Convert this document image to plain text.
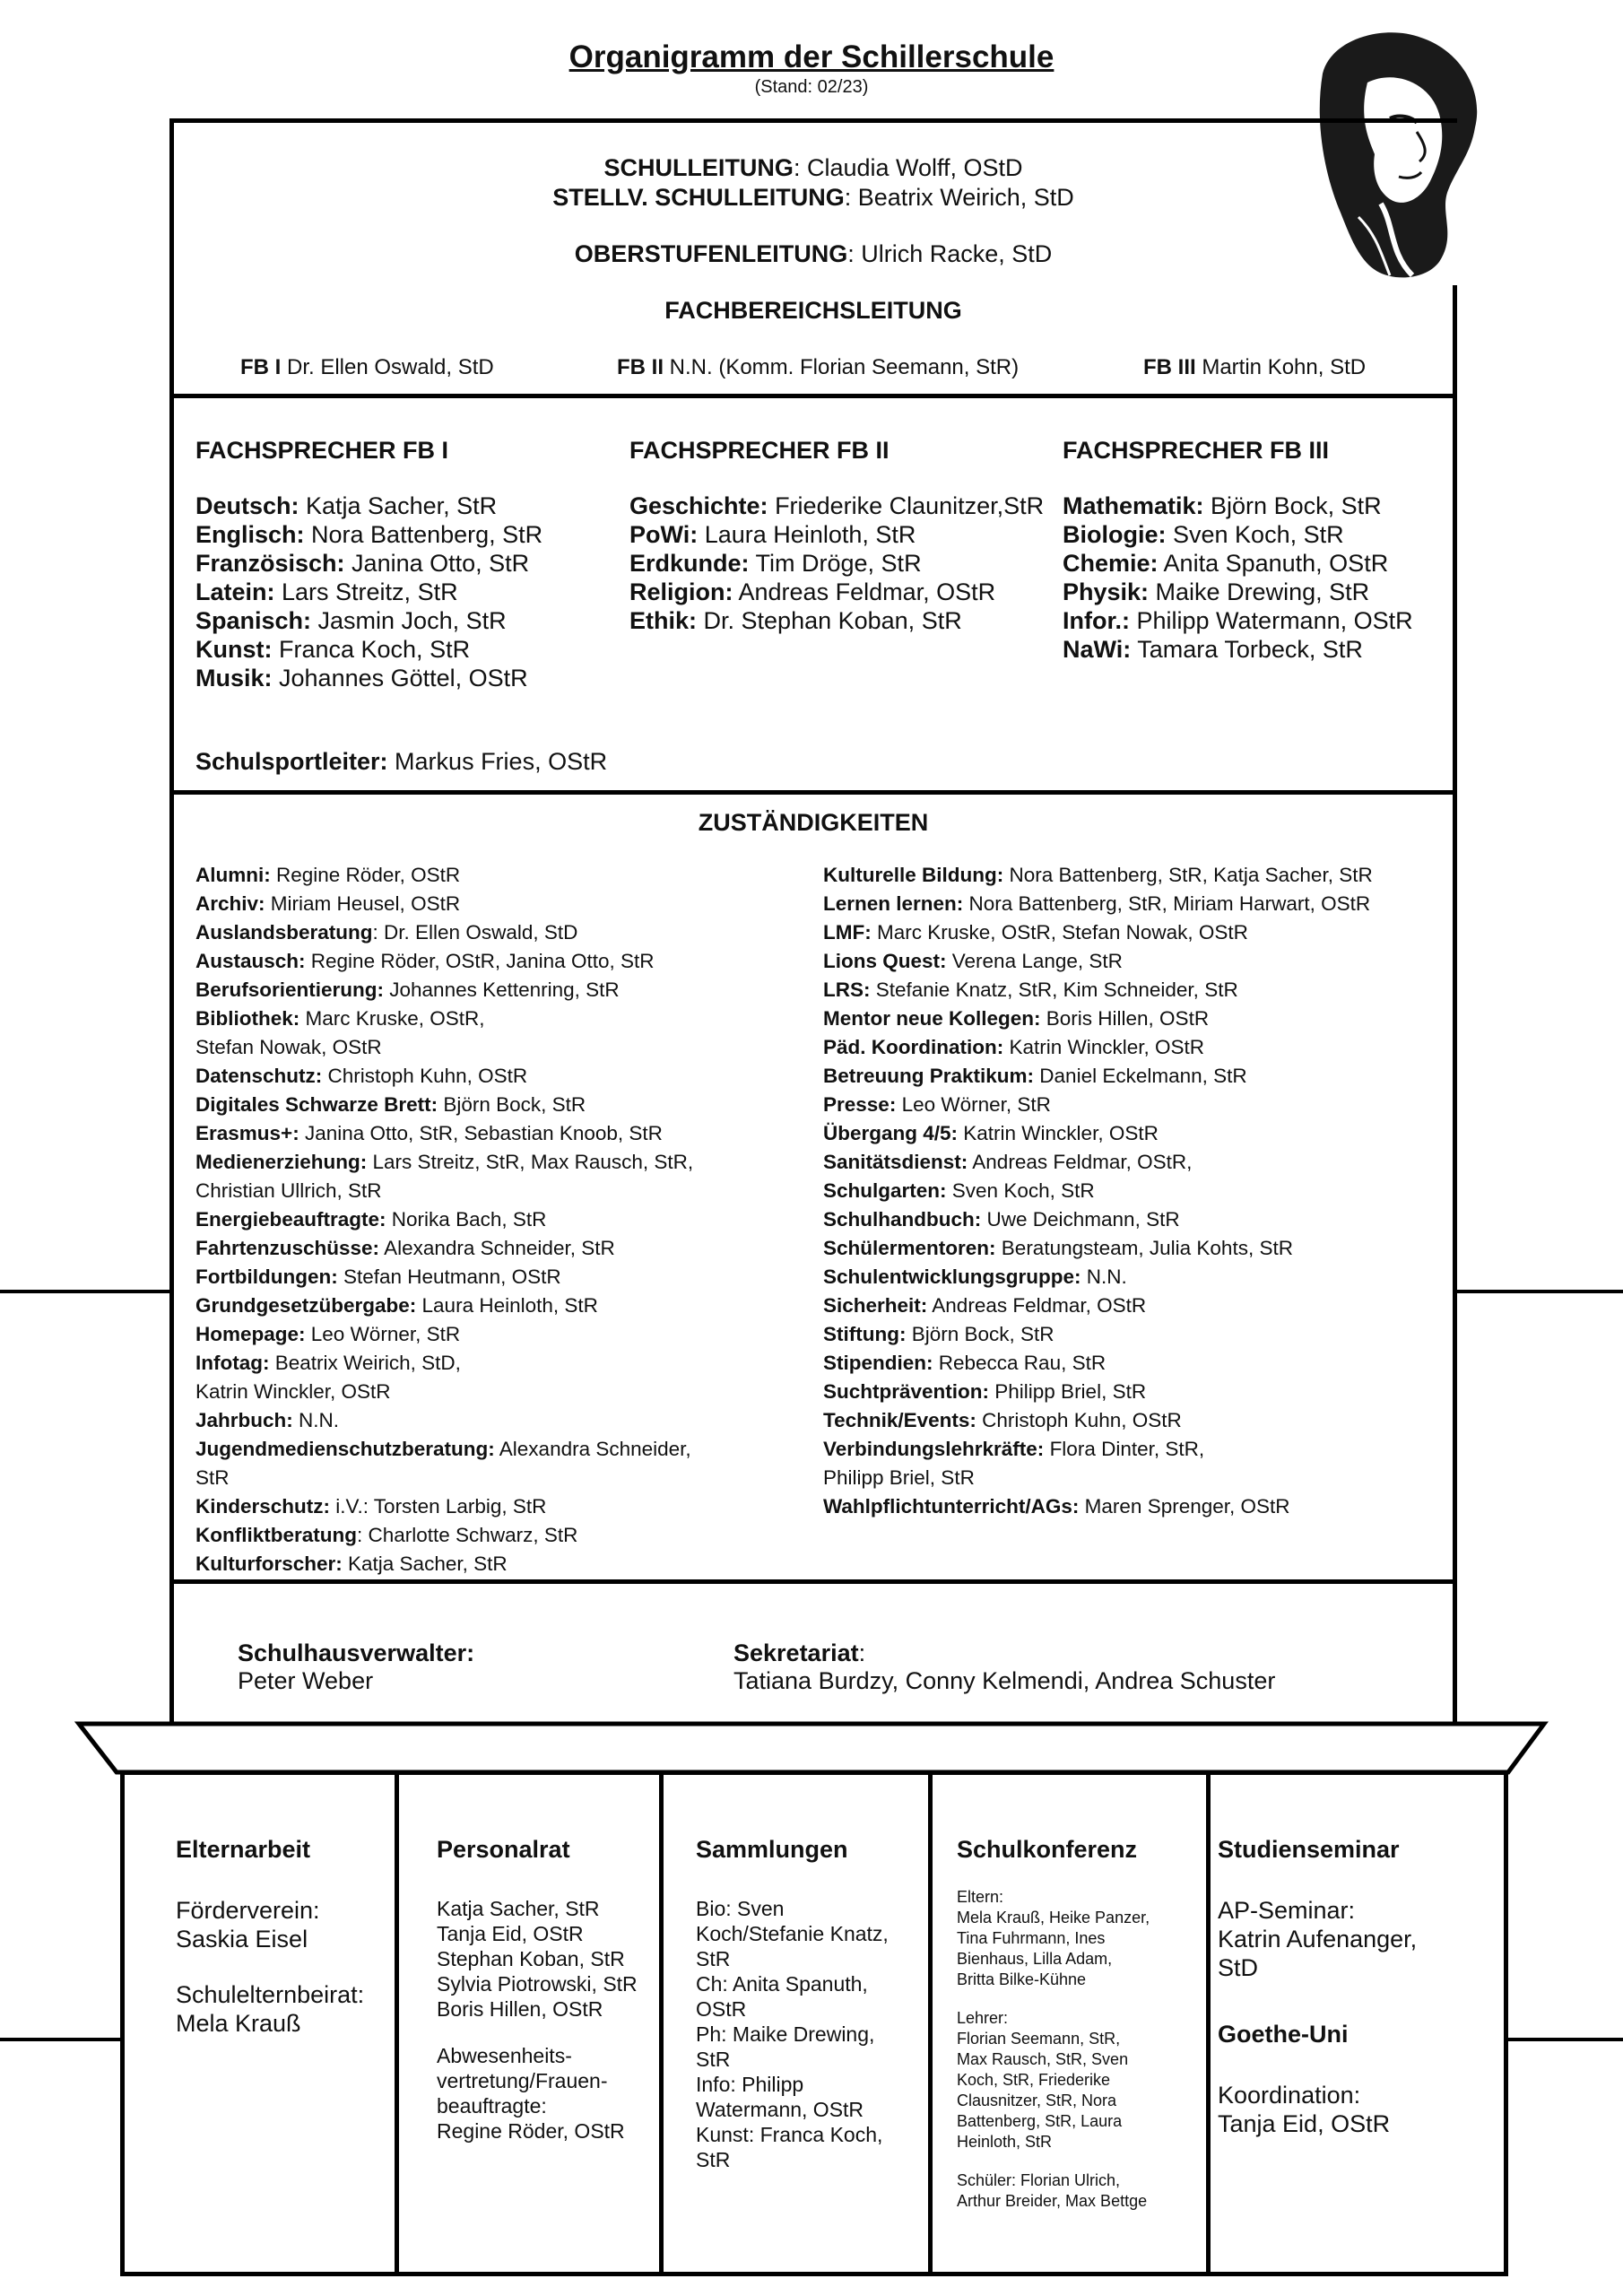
Organigramm der Schillerschule
(Stand: 02/23)
SCHULLEITUNG: Claudia Wolff, OStD
STELLV. SCHULLEITUNG: Beatrix Weirich, StD
OBERSTUFENLEITUNG: Ulrich Racke, StD
FACHBEREICHSLEITUNG
FB I Dr. Ellen Oswald, StD	FB II N.N. (Komm. Florian Seemann, StR)	FB III Martin Kohn, StD
FACHSPRECHER FB I
Deutsch: Katja Sacher, StR
Englisch: Nora Battenberg, StR
Französisch: Janina Otto, StR
Latein: Lars Streitz, StR
Spanisch: Jasmin Joch, StR
Kunst: Franca Koch, StR
Musik: Johannes Göttel, OStR
FACHSPRECHER FB II
Geschichte: Friederike Claunitzer,StR
PoWi: Laura Heinloth, StR
Erdkunde: Tim Dröge, StR
Religion: Andreas Feldmar, OStR
Ethik: Dr. Stephan Koban, StR
FACHSPRECHER FB III
Mathematik: Björn Bock, StR
Biologie: Sven Koch, StR
Chemie: Anita Spanuth, OStR
Physik: Maike Drewing, StR
Infor.: Philipp Watermann, OStR
NaWi: Tamara Torbeck, StR
Schulsportleiter: Markus Fries, OStR
ZUSTÄNDIGKEITEN
Alumni: Regine Röder, OStR
Archiv: Miriam Heusel, OStR
Auslandsberatung: Dr. Ellen Oswald, StD
Austausch: Regine Röder, OStR, Janina Otto, StR
Berufsorientierung: Johannes Kettenring, StR
Bibliothek: Marc Kruske, OStR,
Stefan Nowak, OStR
Datenschutz: Christoph Kuhn, OStR
Digitales Schwarze Brett: Björn Bock, StR
Erasmus+: Janina Otto, StR, Sebastian Knoob, StR
Medienerziehung: Lars Streitz, StR, Max Rausch, StR,
Christian Ullrich, StR
Energiebeauftragte: Norika Bach, StR
Fahrtenzuschüsse: Alexandra Schneider, StR
Fortbildungen: Stefan Heutmann, OStR
Grundgesetzübergabe: Laura Heinloth, StR
Homepage: Leo Wörner, StR
Infotag: Beatrix Weirich, StD,
Katrin Winckler, OStR
Jahrbuch: N.N.
Jugendmedienschutzberatung: Alexandra Schneider,
StR
Kinderschutz: i.V.: Torsten Larbig, StR
Konfliktberatung: Charlotte Schwarz, StR
Kulturforscher: Katja Sacher, StR
Kulturelle Bildung: Nora Battenberg, StR, Katja Sacher, StR
Lernen lernen: Nora Battenberg, StR, Miriam Harwart, OStR
LMF: Marc Kruske, OStR, Stefan Nowak, OStR
Lions Quest: Verena Lange, StR
LRS: Stefanie Knatz, StR, Kim Schneider, StR
Mentor neue Kollegen: Boris Hillen, OStR
Päd. Koordination: Katrin Winckler, OStR
Betreuung Praktikum: Daniel Eckelmann, StR
Presse: Leo Wörner, StR
Übergang 4/5: Katrin Winckler, OStR
Sanitätsdienst: Andreas Feldmar, OStR,
Schulgarten: Sven Koch, StR
Schulhandbuch: Uwe Deichmann, StR
Schülermentoren: Beratungsteam, Julia Kohts, StR
Schulentwicklungsgruppe: N.N.
Sicherheit: Andreas Feldmar, OStR
Stiftung: Björn Bock, StR
Stipendien: Rebecca Rau, StR
Suchtprävention: Philipp Briel, StR
Technik/Events: Christoph Kuhn, OStR
Verbindungslehrkräfte: Flora Dinter, StR,
Philipp Briel, StR
Wahlpflichtunterricht/AGs: Maren Sprenger, OStR
Schulhausverwalter:
Peter Weber
Sekretariat:
Tatiana Burdzy, Conny Kelmendi, Andrea Schuster
Elternarbeit
Förderverein:
Saskia Eisel
Schulelternbeirat:
Mela Krauß
Personalrat
Katja Sacher, StR
Tanja Eid, OStR
Stephan Koban, StR
Sylvia Piotrowski, StR
Boris Hillen, OStR
Abwesenheits-
vertretung/Frauen-
beauftragte:
Regine Röder, OStR
Sammlungen
Bio: Sven
Koch/Stefanie Knatz,
StR
Ch: Anita Spanuth,
OStR
Ph: Maike Drewing,
StR
Info: Philipp
Watermann, OStR
Kunst: Franca Koch,
StR
Schulkonferenz
Eltern:
Mela Krauß, Heike Panzer,
Tina Fuhrmann, Ines
Bienhaus, Lilla Adam,
Britta Bilke-Kühne
Lehrer:
Florian Seemann, StR,
Max Rausch, StR, Sven
Koch, StR, Friederike
Clausnitzer, StR, Nora
Battenberg, StR, Laura
Heinloth, StR
Schüler: Florian Ulrich,
Arthur Breider, Max Bettge
Studienseminar
AP-Seminar:
Katrin Aufenanger,
StD
Goethe-Uni
Koordination:
Tanja Eid, OStR
